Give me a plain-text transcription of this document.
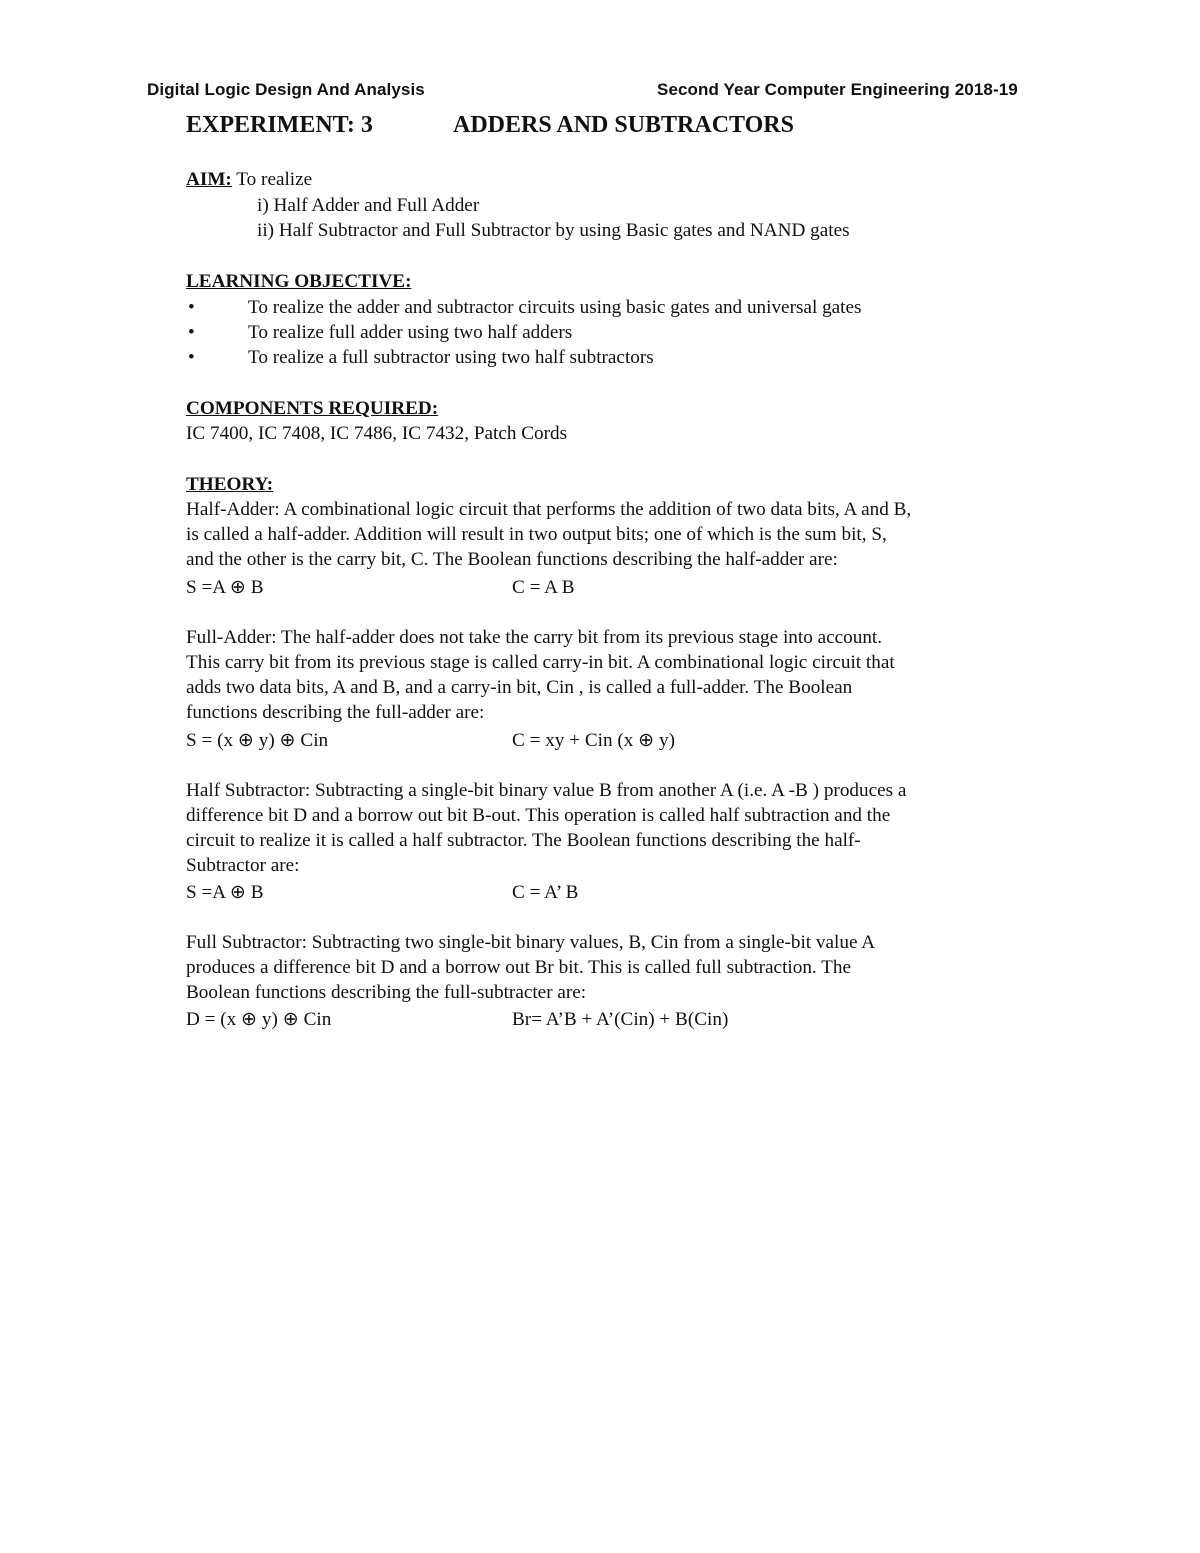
Digital Logic Design And Analysis	Second Year Computer Engineering 2018-19
EXPERIMENT: 3	ADDERS AND SUBTRACTORS
AIM: To realize
i) Half Adder and Full Adder
ii) Half Subtractor and Full Subtractor by using Basic gates and NAND gates
LEARNING OBJECTIVE:
•	To realize the adder and subtractor circuits using basic gates and universal gates
•	To realize full adder using two half adders
•	To realize a full subtractor using two half subtractors
COMPONENTS REQUIRED:
IC 7400, IC 7408, IC 7486, IC 7432, Patch Cords
THEORY:
Half-Adder: A combinational logic circuit that performs the addition of two data bits, A and B,
is called a half-adder. Addition will result in two output bits; one of which is the sum bit, S,
and the other is the carry bit, C. The Boolean functions describing the half-adder are:
S =A ⊕ B	C = A B
Full-Adder: The half-adder does not take the carry bit from its previous stage into account.
This carry bit from its previous stage is called carry-in bit. A combinational logic circuit that
adds two data bits, A and B, and a carry-in bit, Cin , is called a full-adder. The Boolean
functions describing the full-adder are:
S = (x ⊕ y) ⊕ Cin	C = xy + Cin (x ⊕ y)
Half Subtractor: Subtracting a single-bit binary value B from another A (i.e. A -B ) produces a
difference bit D and a borrow out bit B-out. This operation is called half subtraction and the
circuit to realize it is called a half subtractor. The Boolean functions describing the half-
Subtractor are:
S =A ⊕ B	C = A’ B
Full Subtractor: Subtracting two single-bit binary values, B, Cin from a single-bit value A
produces a difference bit D and a borrow out Br bit. This is called full subtraction. The
Boolean functions describing the full-subtracter are:
D = (x ⊕ y) ⊕ Cin	Br= A’B + A’(Cin) + B(Cin)
